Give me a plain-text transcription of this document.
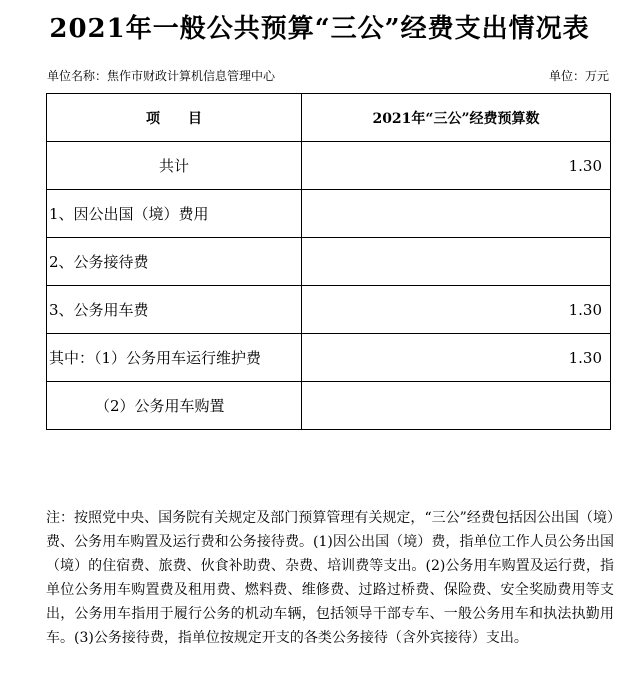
2021年一般公共预算“三公”经费支出情况表
单位名称：焦作市财政计算机信息管理中心	单位：万元
项　　目	2021年“三公”经费预算数
共计	1.30
1、因公出国（境）费用	
2、公务接待费	
3、公务用车费	1.30
其中：（1）公务用车运行维护费	1.30
（2）公务用车购置	
注：按照党中央、国务院有关规定及部门预算管理有关规定，“三公”经费包括因公出国（境）费、公务用车购置及运行费和公务接待费。(1)因公出国（境）费，指单位工作人员公务出国（境）的住宿费、旅费、伙食补助费、杂费、培训费等支出。(2)公务用车购置及运行费，指单位公务用车购置费及租用费、燃料费、维修费、过路过桥费、保险费、安全奖励费用等支出，公务用车指用于履行公务的机动车辆，包括领导干部专车、一般公务用车和执法执勤用车。(3)公务接待费，指单位按规定开支的各类公务接待（含外宾接待）支出。
